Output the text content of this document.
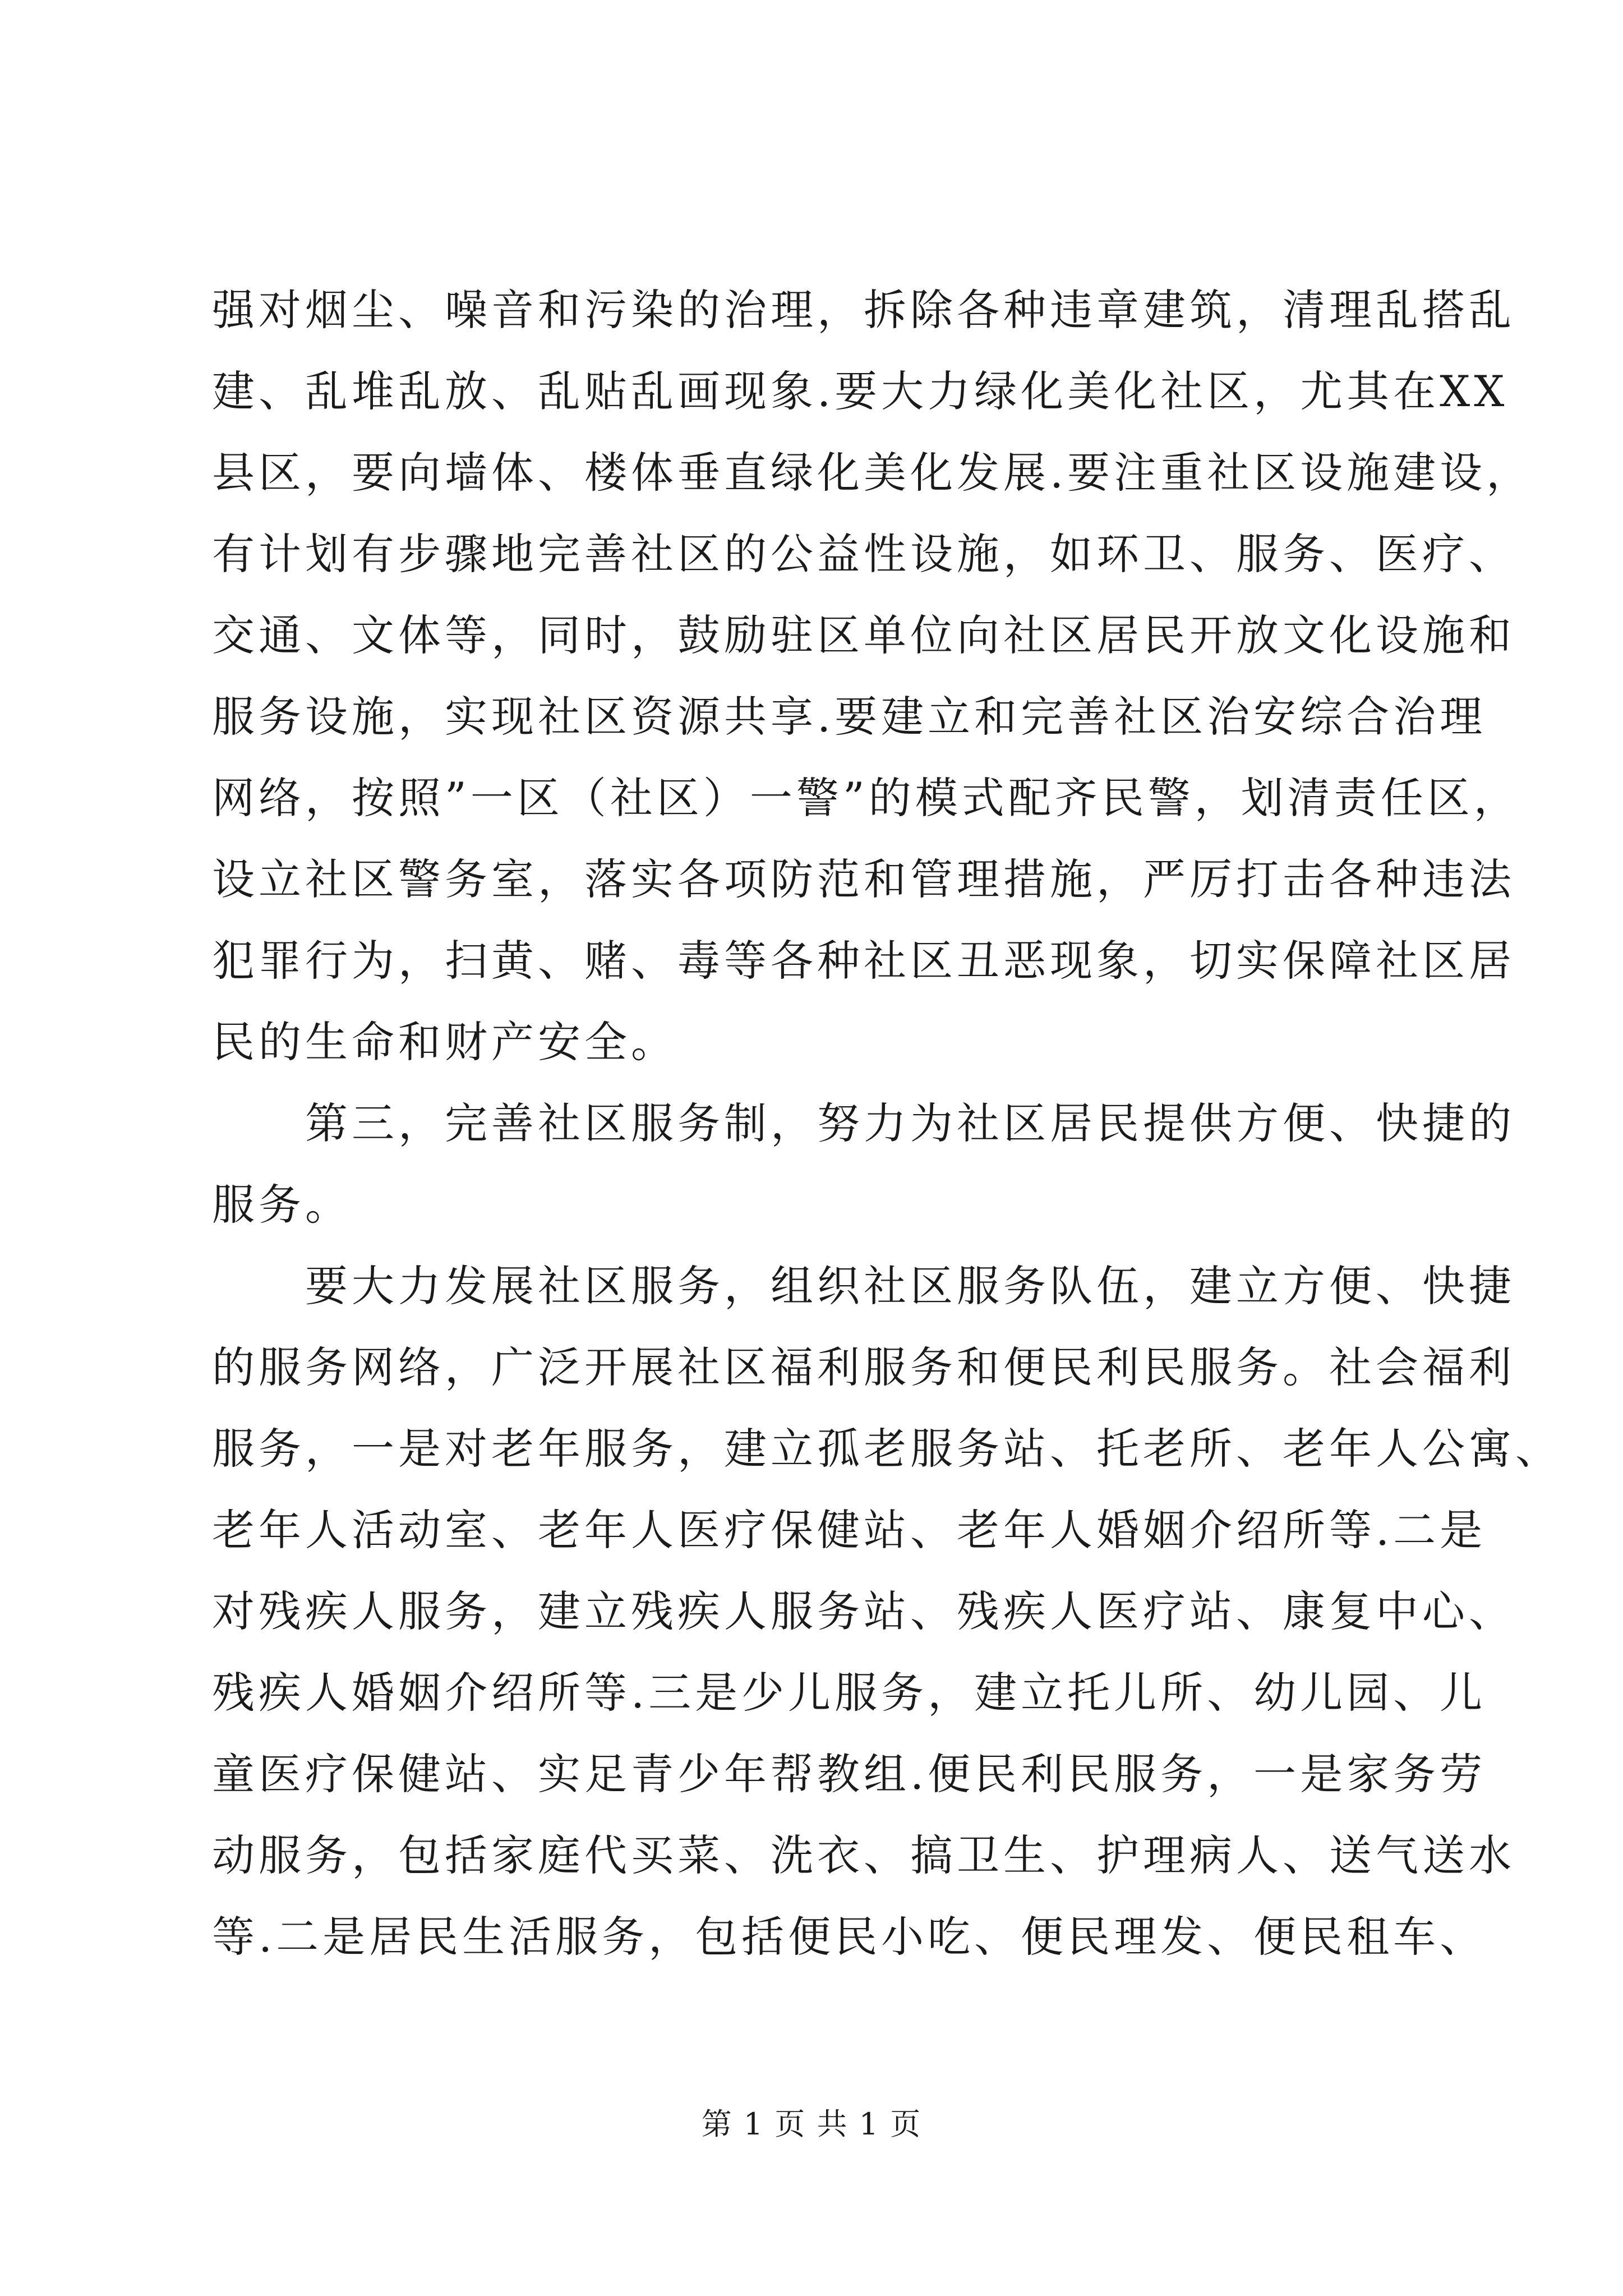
强对烟尘、噪音和污染的治理，拆除各种违章建筑，清理乱搭乱
建、乱堆乱放、乱贴乱画现象.要大力绿化美化社区，尤其在XX
县区，要向墙体、楼体垂直绿化美化发展.要注重社区设施建设，
有计划有步骤地完善社区的公益性设施，如环卫、服务、医疗、
交通、文体等，同时，鼓励驻区单位向社区居民开放文化设施和
服务设施，实现社区资源共享.要建立和完善社区治安综合治理
网络，按照”一区（社区）一警”的模式配齐民警，划清责任区，
设立社区警务室，落实各项防范和管理措施，严厉打击各种违法
犯罪行为，扫黄、赌、毒等各种社区丑恶现象，切实保障社区居
民的生命和财产安全。
　　第三，完善社区服务制，努力为社区居民提供方便、快捷的
服务。
　　要大力发展社区服务，组织社区服务队伍，建立方便、快捷
的服务网络，广泛开展社区福利服务和便民利民服务。社会福利
服务，一是对老年服务，建立孤老服务站、托老所、老年人公寓、
老年人活动室、老年人医疗保健站、老年人婚姻介绍所等.二是
对残疾人服务，建立残疾人服务站、残疾人医疗站、康复中心、
残疾人婚姻介绍所等.三是少儿服务，建立托儿所、幼儿园、儿
童医疗保健站、实足青少年帮教组.便民利民服务，一是家务劳
动服务，包括家庭代买菜、洗衣、搞卫生、护理病人、送气送水
等.二是居民生活服务，包括便民小吃、便民理发、便民租车、
第 1 页 共 1 页
